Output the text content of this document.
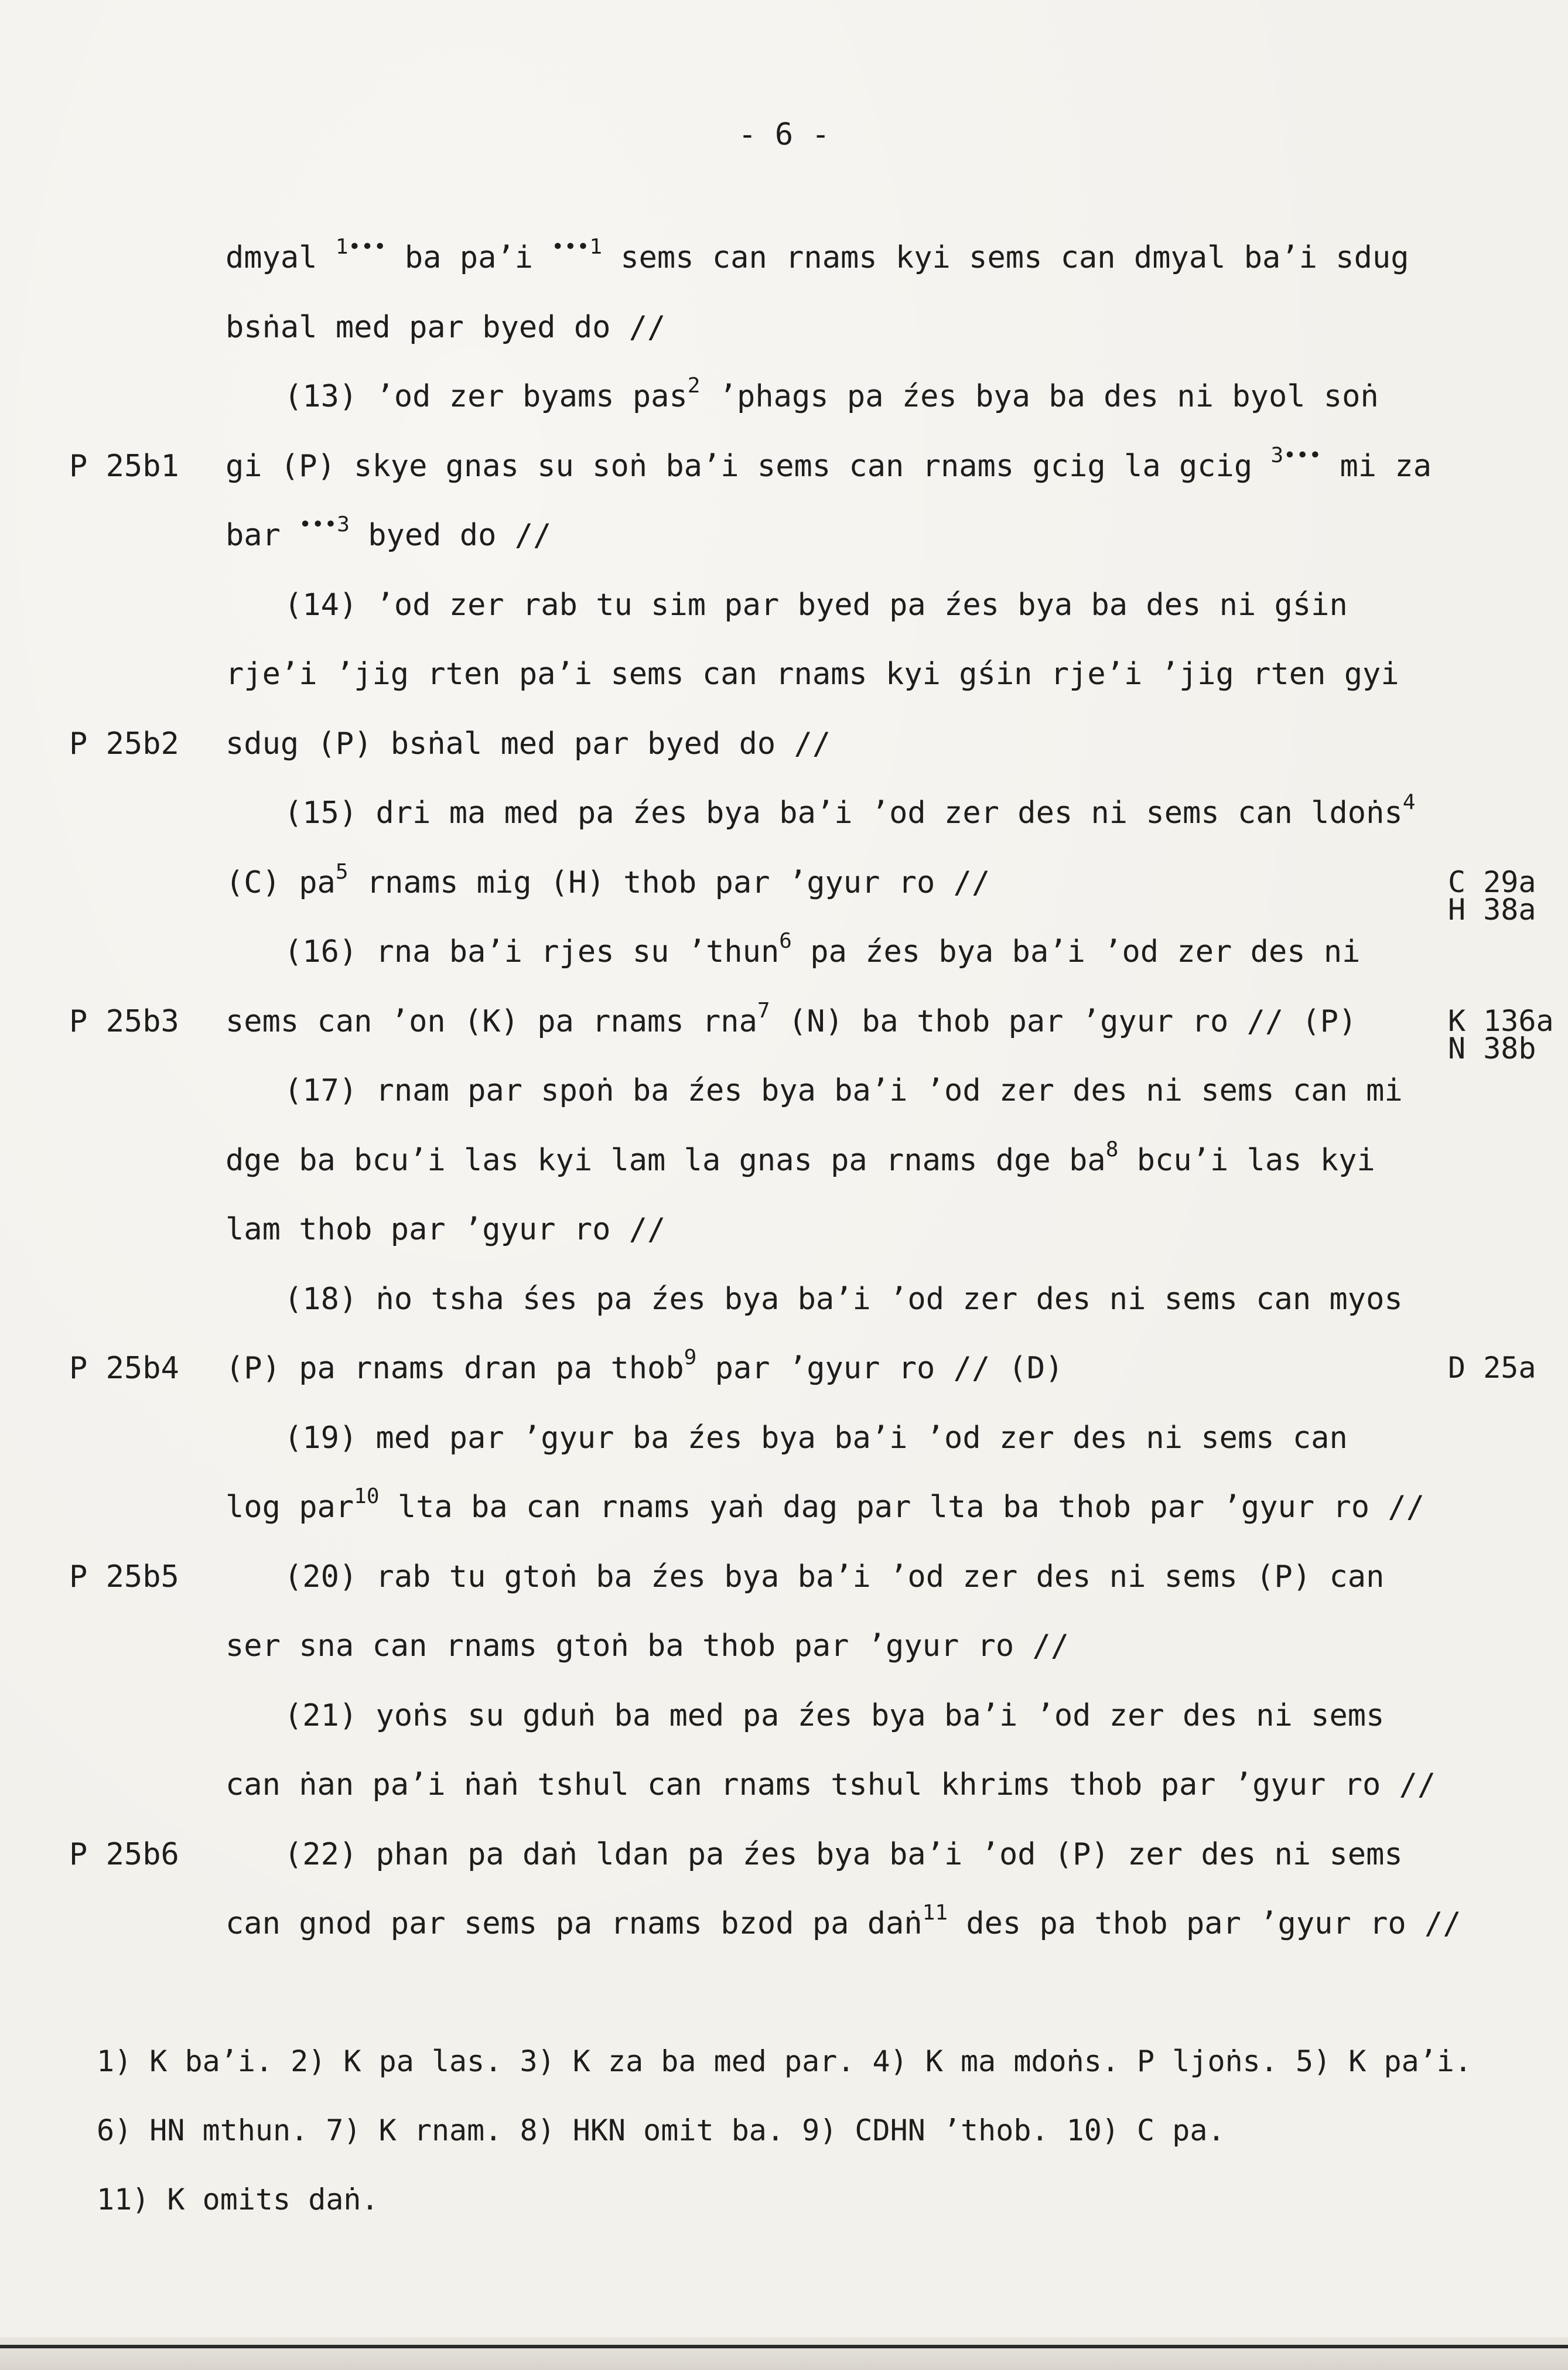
- 6 -
dmyal $^{1•••}$ ba pa’i $^{•••1}$ sems can rnams kyi sems can dmyal ba’i sdug
bsṅal med par byed do //
(13) ’od zer byams pas$^2$ ’phags pa źes bya ba des ni byol soṅ
gi (P) skye gnas su soṅ ba’i sems can rnams gcig la gcig $^{3•••}$ mi za
bar $^{•••3}$ byed do //
(14) ’od zer rab tu sim par byed pa źes bya ba des ni gśin
rje’i ’jig rten pa’i sems can rnams kyi gśin rje’i ’jig rten gyi
sdug (P) bsṅal med par byed do //
(15) dri ma med pa źes bya ba’i ’od zer des ni sems can ldoṅs$^4$
(C) $pa^5$ rnams mig (H) thob par ’gyur ro //
(16) rna ba’i rjes su ’thun$^6$ pa źes bya ba’i ’od zer des ni
sems can ’on (K) pa rnams rna$^7$ (N) ba thob par ’gyur ro // (P)
(17) rnam par spoṅ ba źes bya ba’i ’od zer des ni sems can mi
dge ba bcu’i las kyi lam la gnas pa rnams dge $ba^8$ bcu’i las kyi
lam thob par ’gyur ro //
(18) ṅo tsha śes pa źes bya ba’i ’od zer des ni sems can myos
(P) pa rnams dran pa thob$^9$ par ’gyur ro // (D)
(19) med par ’gyur ba źes bya ba’i ’od zer des ni sems can
log par$^{10}$ lta ba can rnams yaṅ dag par lta ba thob par ’gyur ro //
(20) rab tu gtoṅ ba źes bya ba’i ’od zer des ni sems (P) can
ser sna can rnams gtoṅ ba thob par ’gyur ro //
(21) yoṅs su gduṅ ba med pa źes bya ba’i ’od zer des ni sems
can ṅan pa’i ṅaṅ tshul can rnams tshul khrims thob par ’gyur ro //
(22) phan pa daṅ ldan pa źes bya ba’i ’od (P) zer des ni sems
can gnod par sems pa rnams bzod pa daṅ$^{11}$ des pa thob par ’gyur ro //
P 25b1
P 25b2
P 25b3
P 25b4
P 25b5
P 25b6
C 29a
H 38a
K 136a
N 38b
D 25a
1) K ba’i. 2) K pa las. 3) K za ba med par. 4) K ma mdoṅs. P ljoṅs. 5) K pa’i.
6) HN mthun. 7) K rnam. 8) HKN omit ba. 9) CDHN ’thob. 10) C pa.
11) K omits daṅ.
